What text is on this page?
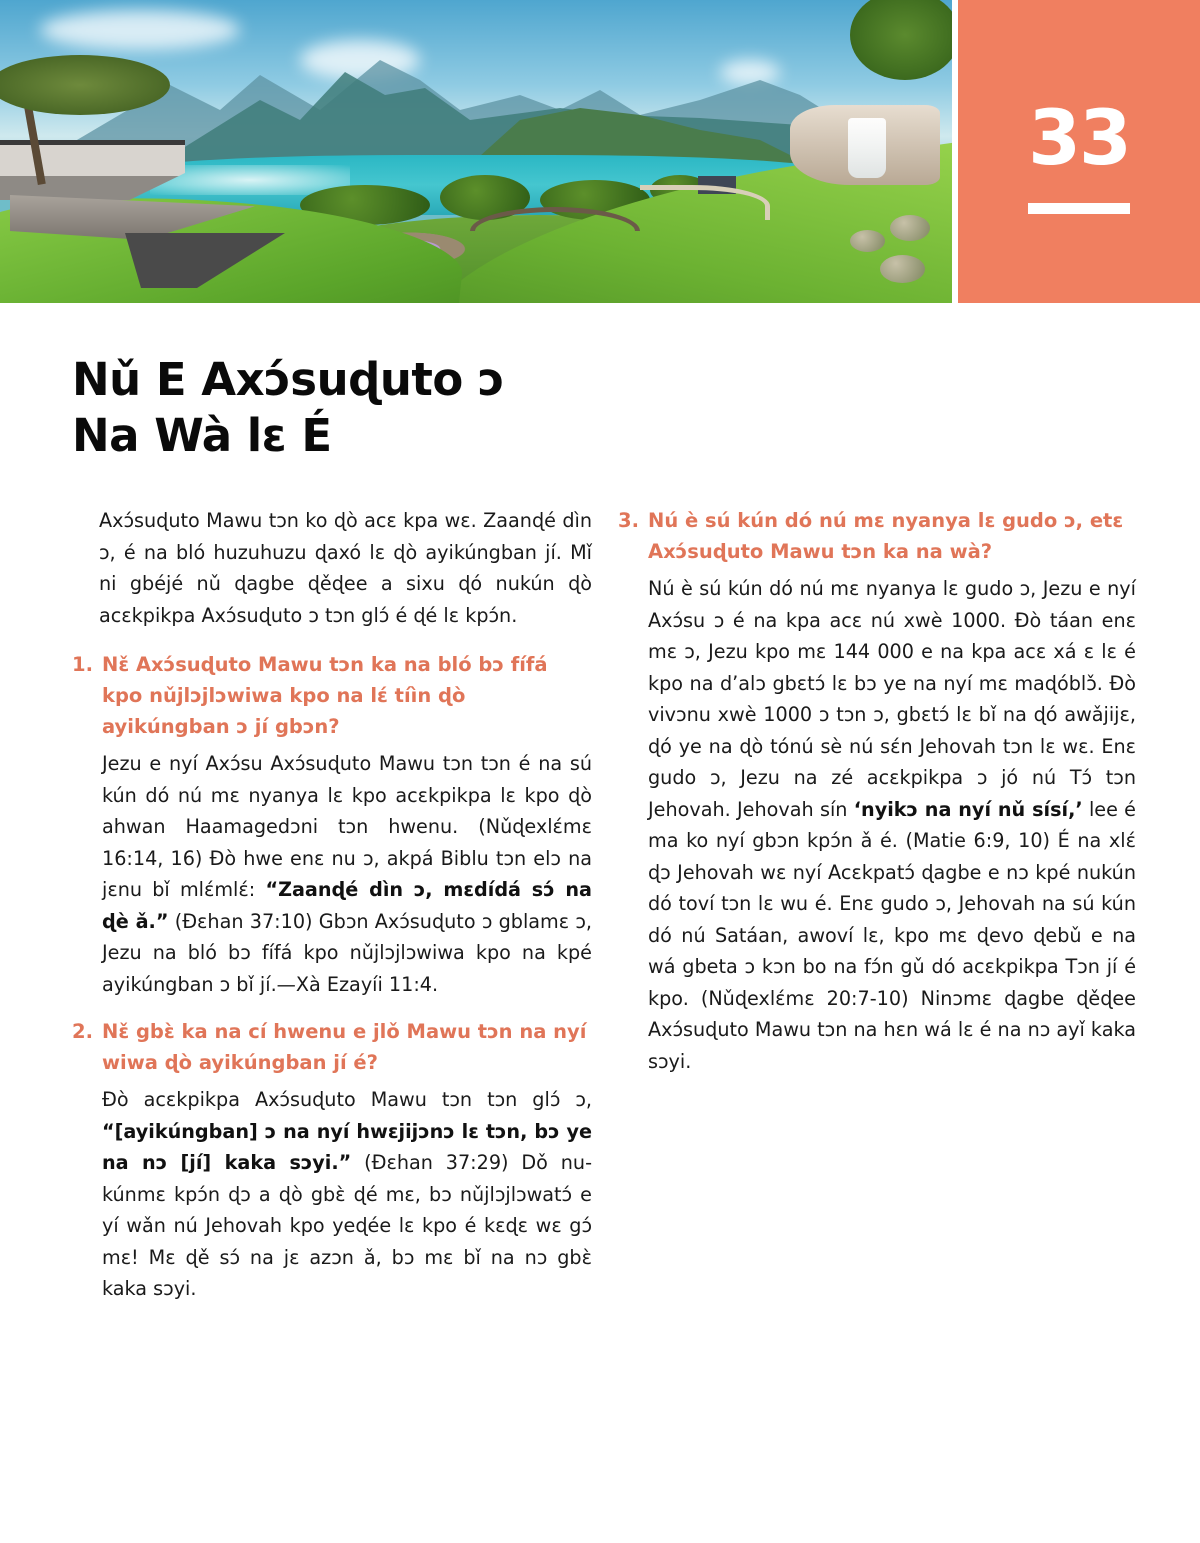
33
Nǔ E Axɔ́suɖuto ɔ
Na Wà lɛ É

Axɔ́suɖuto Mawu tɔn ko ɖò acɛ kpa wɛ. Zaanɖé dìn ɔ, é na bló huzuhuzu ɖaxó lɛ ɖò ayikúngban jí. Mǐ ni gbéjé nǔ ɖagbe ɖěɖee a sixu ɖó nukún ɖò acɛkpikpa Axɔ́suɖuto ɔ tɔn glɔ́ é ɖé lɛ kpɔ́n.

1. Nɛ̌ Axɔ́suɖuto Mawu tɔn ka na bló bɔ fífá kpo nǔjlɔjlɔwiwa kpo na lɛ́ tíìn ɖò ayikúngban ɔ jí gbɔn?

Jezu e nyí Axɔ́su Axɔ́suɖuto Mawu tɔn tɔn é na sú kún dó nú mɛ nyanya lɛ kpo acɛkpikpa lɛ kpo ɖò ahwan Haamagedɔni tɔn hwenu. (Nǔɖexlɛ́mɛ 16:14, 16) Ðò hwe enɛ nu ɔ, akpá Biblu tɔn elɔ na jɛnu bǐ mlɛ́mlɛ́: “Zaanɖé dìn ɔ, mɛdídá sɔ́ na ɖè ǎ.” (Ðɛhan 37:10) Gbɔn Axɔ́suɖuto ɔ gblamɛ ɔ, Jezu na bló bɔ fífá kpo nǔjlɔjlɔwiwa kpo na kpé ayikúngban ɔ bǐ jí.—Xà Ezayíi 11:4.

2. Nɛ̌ gbɛ̀ ka na cí hwenu e jlǒ Mawu tɔn na nyí wiwa ɖò ayikúngban jí é?

Ðò acɛkpikpa Axɔ́suɖuto Mawu tɔn tɔn glɔ́ ɔ, “[ayikúngban] ɔ na nyí hwɛjijɔnɔ lɛ tɔn, bɔ ye na nɔ [jí] kaka sɔyi.” (Ðɛhan 37:29) Dǒ nukúnmɛ kpɔ́n ɖɔ a ɖò gbɛ̀ ɖé mɛ, bɔ nǔjlɔjlɔwatɔ́ e yí wǎn nú Jehovah kpo yeɖée lɛ kpo é kɛɖɛ wɛ gɔ́ mɛ! Mɛ ɖě sɔ́ na jɛ azɔn ǎ, bɔ mɛ bǐ na nɔ gbɛ̀ kaka sɔyi.

3. Nú è sú kún dó nú mɛ nyanya lɛ gudo ɔ, etɛ Axɔ́suɖuto Mawu tɔn ka na wà?

Nú è sú kún dó nú mɛ nyanya lɛ gudo ɔ, Jezu e nyí Axɔ́su ɔ é na kpa acɛ nú xwè 1000. Ðò táan enɛ mɛ ɔ, Jezu kpo mɛ 144 000 e na kpa acɛ xá ɛ lɛ é kpo na d’alɔ gbɛtɔ́ lɛ bɔ ye na nyí mɛ maɖóblɔ̌. Ðò vivɔnu xwè 1000 ɔ tɔn ɔ, gbɛtɔ́ lɛ bǐ na ɖó awǎjijɛ, ɖó ye na ɖò tónú sè nú sɛ́n Jehovah tɔn lɛ wɛ. Enɛ gudo ɔ, Jezu na zé acɛkpikpa ɔ jó nú Tɔ́ tɔn Jehovah. Jehovah sín ‘nyikɔ na nyí nǔ sísí,’ lee é ma ko nyí gbɔn kpɔ́n ǎ é. (Matie 6:9, 10) É na xlɛ́ ɖɔ Jehovah wɛ nyí Acɛkpatɔ́ ɖagbe e nɔ kpé nukún dó toví tɔn lɛ wu é. Enɛ gudo ɔ, Jehovah na sú kún dó nú Satáan, awoví lɛ, kpo mɛ ɖevo ɖebǔ e na wá gbeta ɔ kɔn bo na fɔ́n gǔ dó acɛkpikpa Tɔn jí é kpo. (Nǔɖexlɛ́mɛ 20:7-10) Ninɔmɛ ɖagbe ɖěɖee Axɔ́suɖuto Mawu tɔn na hɛn wá lɛ é na nɔ ayǐ kaka sɔyi.
